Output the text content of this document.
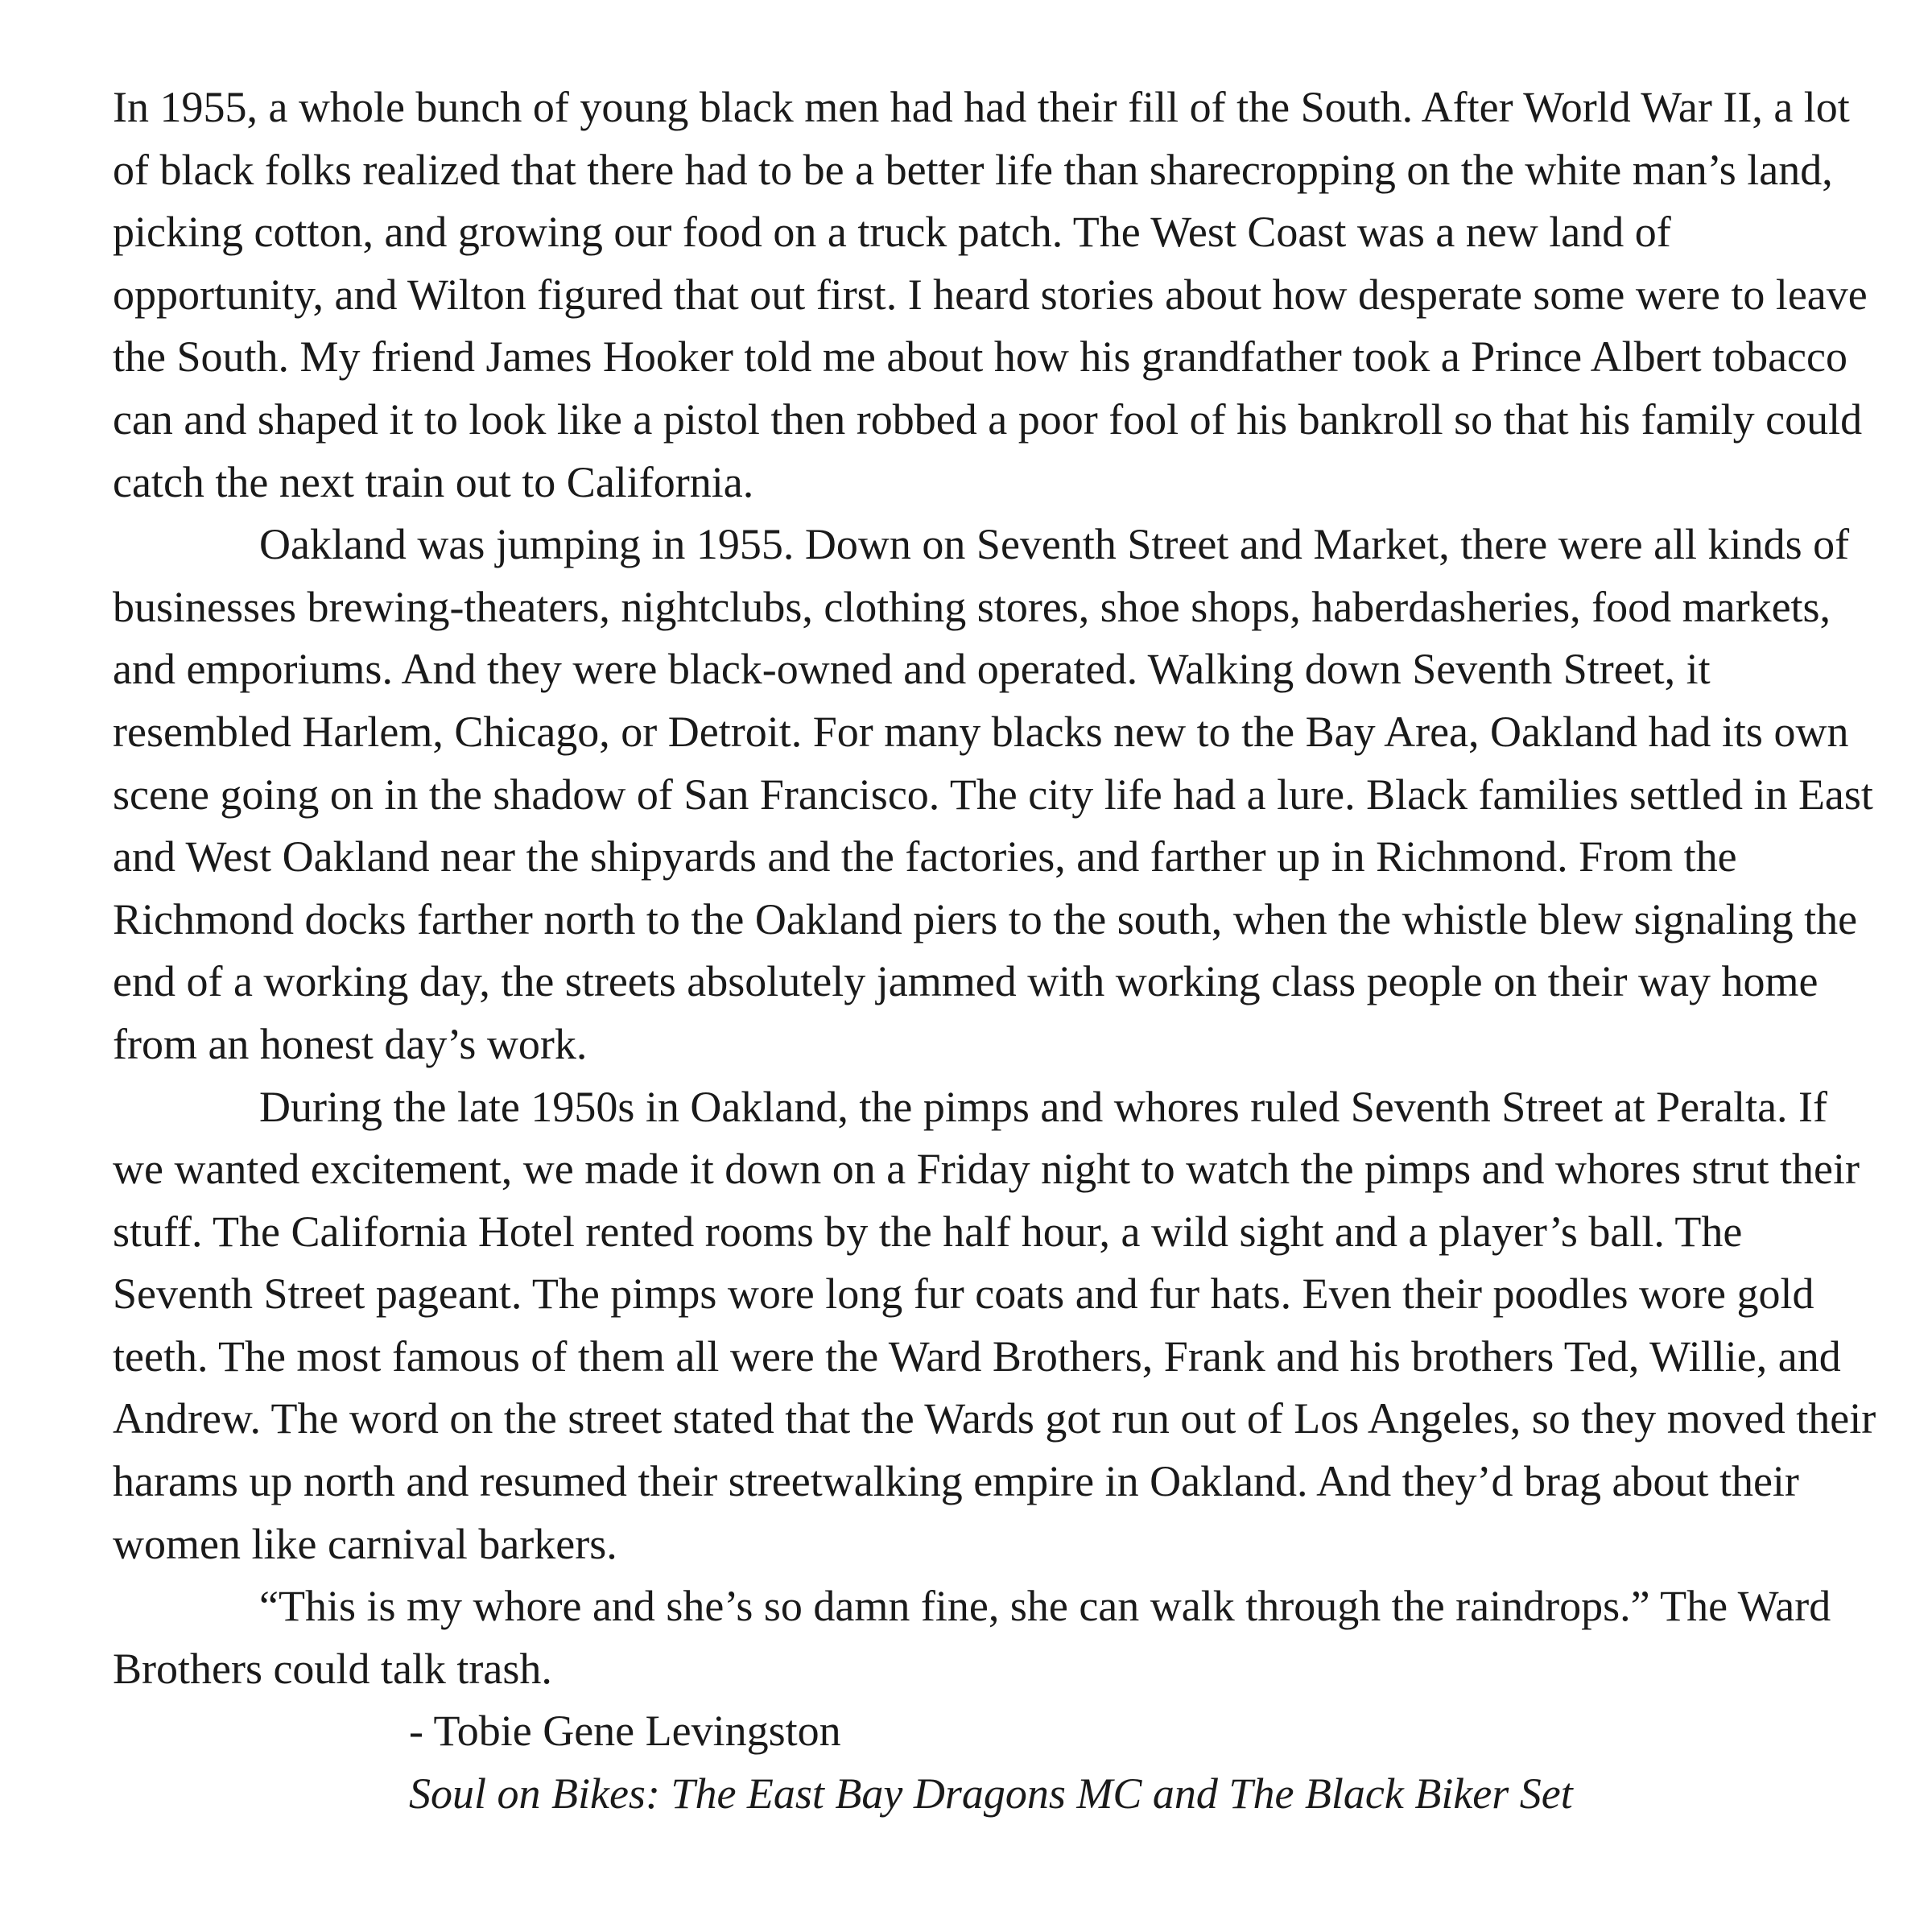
In 1955, a whole bunch of young black men had had their fill of the South. After World War II, a lot of black folks realized that there had to be a better life than sharecropping on the white man’s land, picking cotton, and growing our food on a truck patch. The West Coast was a new land of opportunity, and Wilton figured that out first. I heard stories about how desperate some were to leave the South. My friend James Hooker told me about how his grandfather took a Prince Albert tobacco can and shaped it to look like a pistol then robbed a poor fool of his bankroll so that his family could catch the next train out to California.

Oakland was jumping in 1955. Down on Seventh Street and Market, there were all kinds of businesses brewing-theaters, nightclubs, clothing stores, shoe shops, haberdasheries, food markets, and emporiums. And they were black-owned and operated. Walking down Seventh Street, it resembled Harlem, Chicago, or Detroit. For many blacks new to the Bay Area, Oakland had its own scene going on in the shadow of San Francisco. The city life had a lure. Black families settled in East and West Oakland near the shipyards and the factories, and farther up in Richmond. From the Richmond docks farther north to the Oakland piers to the south, when the whistle blew signaling the end of a working day, the streets absolutely jammed with working class people on their way home from an honest day’s work.

During the late 1950s in Oakland, the pimps and whores ruled Seventh Street at Peralta. If we wanted excitement, we made it down on a Friday night to watch the pimps and whores strut their stuff. The California Hotel rented rooms by the half hour, a wild sight and a player’s ball. The Seventh Street pageant. The pimps wore long fur coats and fur hats. Even their poodles wore gold teeth. The most famous of them all were the Ward Brothers, Frank and his brothers Ted, Willie, and Andrew. The word on the street stated that the Wards got run out of Los Angeles, so they moved their harams up north and resumed their streetwalking empire in Oakland. And they’d brag about their women like carnival barkers.

“This is my whore and she’s so damn fine, she can walk through the raindrops.” The Ward Brothers could talk trash.

- Tobie Gene Levingston

Soul on Bikes: The East Bay Dragons MC and The Black Biker Set
